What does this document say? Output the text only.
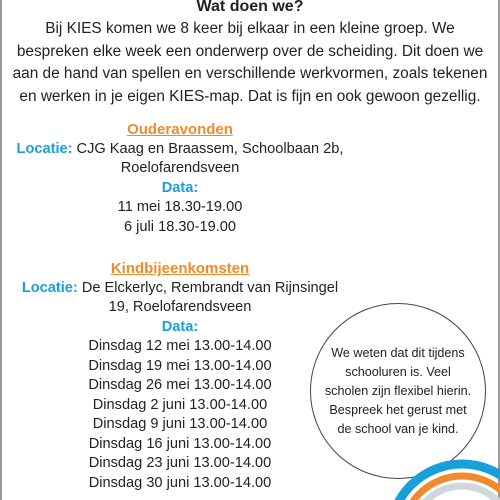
Wat doen we?

Bij KIES komen we 8 keer bij elkaar in een kleine groep. We

bespreken elke week een onderwerp over de scheiding. Dit doen we

aan de hand van spellen en verschillende werkvormen, zoals tekenen

en werken in je eigen KIES-map. Dat is fijn en ook gewoon gezellig.

Ouderavonden

Locatie: CJG Kaag en Braassem, Schoolbaan 2b,

Roelofarendsveen

Data:

11 mei 18.30-19.00

6 juli 18.30-19.00

Kindbijeenkomsten

Locatie: De Elckerlyc, Rembrandt van Rijnsingel

19, Roelofarendsveen

Data:

Dinsdag 12 mei 13.00-14.00

Dinsdag 19 mei 13.00-14.00

Dinsdag 26 mei 13.00-14.00

Dinsdag 2 juni 13.00-14.00

Dinsdag 9 juni 13.00-14.00

Dinsdag 16 juni 13.00-14.00

Dinsdag 23 juni 13.00-14.00

Dinsdag 30 juni 13.00-14.00

We weten dat dit tijdens

schooluren is. Veel

scholen zijn flexibel hierin.

Bespreek het gerust met

de school van je kind.
